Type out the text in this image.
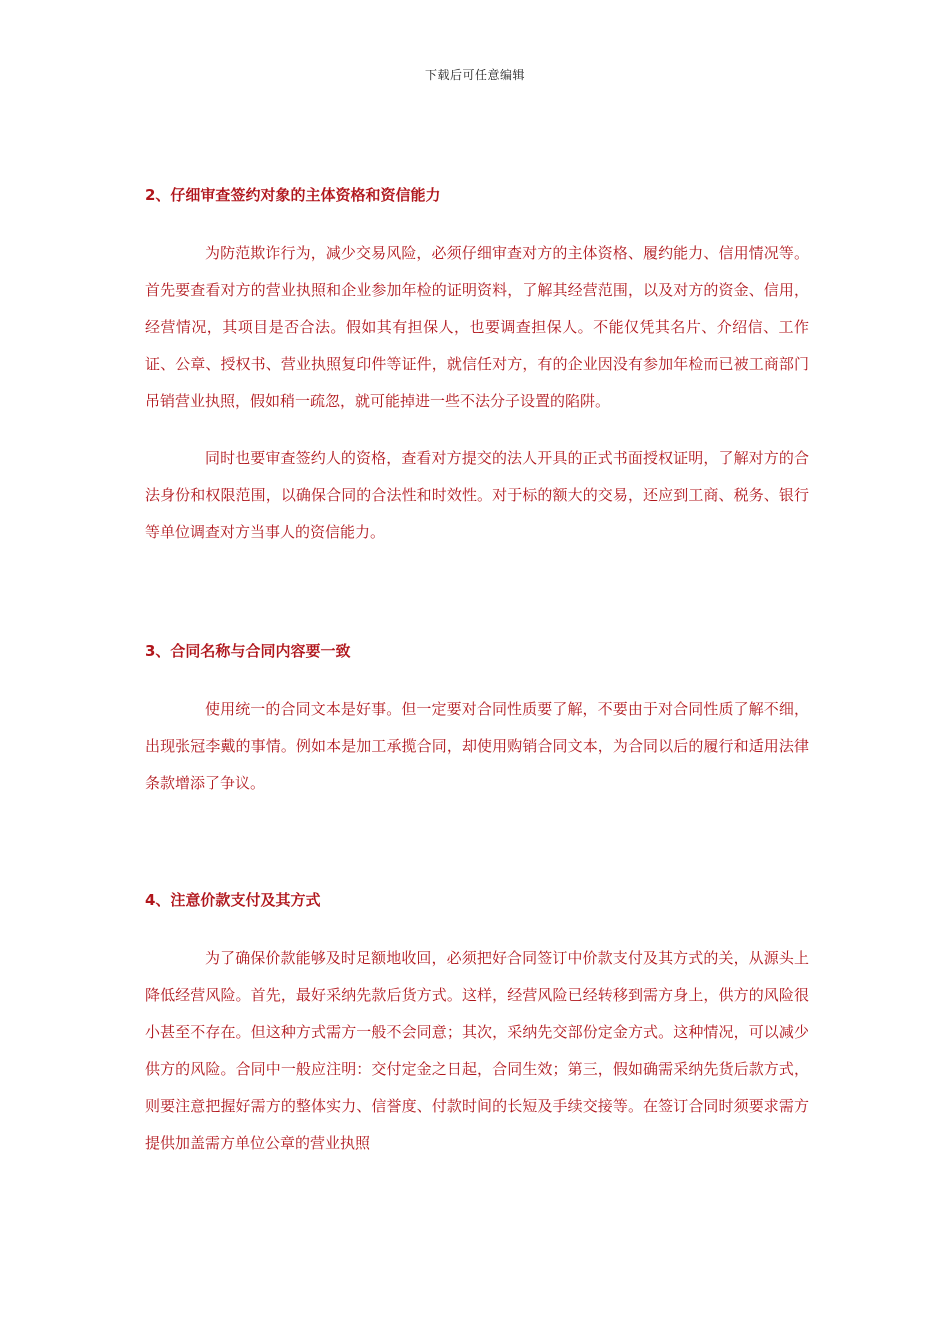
下载后可任意编辑
2、仔细审查签约对象的主体资格和资信能力

为防范欺诈行为，减少交易风险，必须仔细审查对方的主体资格、履约能力、信用情况等。首先要查看对方的营业执照和企业参加年检的证明资料，了解其经营范围，以及对方的资金、信用，经营情况，其项目是否合法。假如其有担保人，也要调查担保人。不能仅凭其名片、介绍信、工作证、公章、授权书、营业执照复印件等证件，就信任对方，有的企业因没有参加年检而已被工商部门吊销营业执照，假如稍一疏忽，就可能掉进一些不法分子设置的陷阱。

同时也要审查签约人的资格，查看对方提交的法人开具的正式书面授权证明，了解对方的合法身份和权限范围，以确保合同的合法性和时效性。对于标的额大的交易，还应到工商、税务、银行等单位调查对方当事人的资信能力。

3、合同名称与合同内容要一致

使用统一的合同文本是好事。但一定要对合同性质要了解，不要由于对合同性质了解不细，出现张冠李戴的事情。例如本是加工承揽合同，却使用购销合同文本，为合同以后的履行和适用法律条款增添了争议。

4、注意价款支付及其方式

为了确保价款能够及时足额地收回，必须把好合同签订中价款支付及其方式的关，从源头上降低经营风险。首先，最好采纳先款后货方式。这样，经营风险已经转移到需方身上，供方的风险很小甚至不存在。但这种方式需方一般不会同意；其次，采纳先交部份定金方式。这种情况，可以减少供方的风险。合同中一般应注明：交付定金之日起，合同生效；第三，假如确需采纳先货后款方式，则要注意把握好需方的整体实力、信誉度、付款时间的长短及手续交接等。在签订合同时须要求需方提供加盖需方单位公章的营业执照
